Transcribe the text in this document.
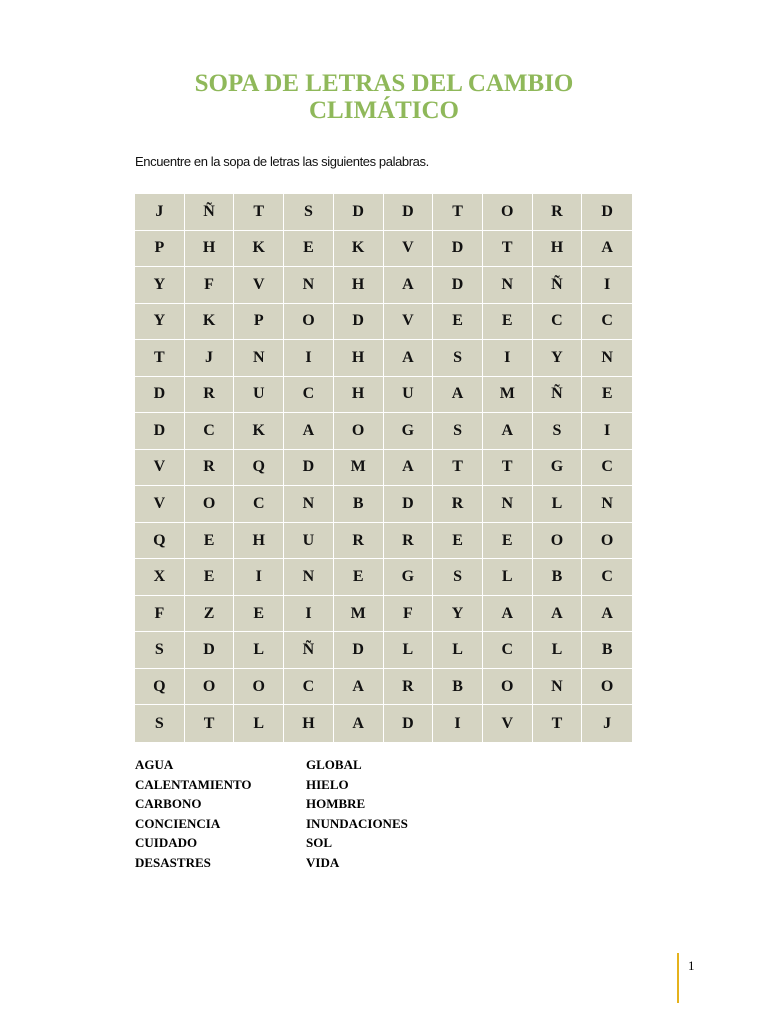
SOPA DE LETRAS DEL CAMBIO
CLIMÁTICO
Encuentre en la sopa de letras las siguientes palabras.
J	Ñ	T	S	D	D	T	O	R	D
P	H	K	E	K	V	D	T	H	A
Y	F	V	N	H	A	D	N	Ñ	I
Y	K	P	O	D	V	E	E	C	C
T	J	N	I	H	A	S	I	Y	N
D	R	U	C	H	U	A	M	Ñ	E
D	C	K	A	O	G	S	A	S	I
V	R	Q	D	M	A	T	T	G	C
V	O	C	N	B	D	R	N	L	N
Q	E	H	U	R	R	E	E	O	O
X	E	I	N	E	G	S	L	B	C
F	Z	E	I	M	F	Y	A	A	A
S	D	L	Ñ	D	L	L	C	L	B
Q	O	O	C	A	R	B	O	N	O
S	T	L	H	A	D	I	V	T	J
AGUA
CALENTAMIENTO
CARBONO
CONCIENCIA
CUIDADO
DESASTRES
GLOBAL
HIELO
HOMBRE
INUNDACIONES
SOL
VIDA
1
